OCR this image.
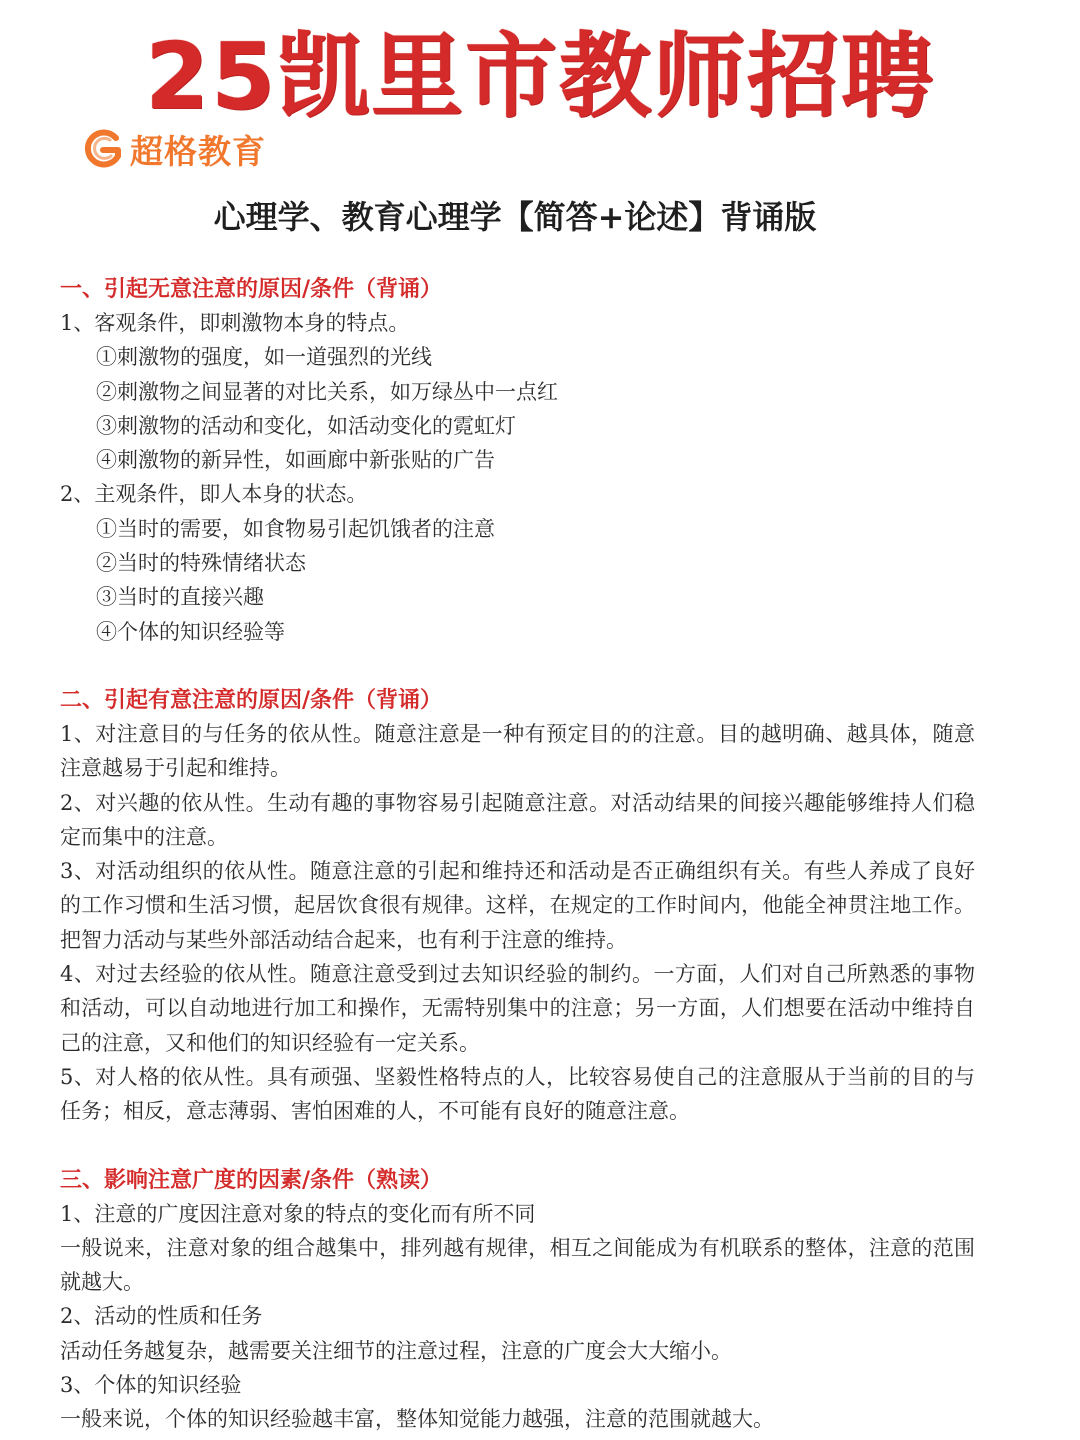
25凯里市教师招聘
超格教育
心理学、教育心理学【简答+论述】背诵版

一、引起无意注意的原因/条件（背诵）

1、客观条件，即刺激物本身的特点。

①刺激物的强度，如一道强烈的光线

②刺激物之间显著的对比关系，如万绿丛中一点红

③刺激物的活动和变化，如活动变化的霓虹灯

④刺激物的新异性，如画廊中新张贴的广告

2、主观条件，即人本身的状态。

①当时的需要，如食物易引起饥饿者的注意

②当时的特殊情绪状态

③当时的直接兴趣

④个体的知识经验等

二、引起有意注意的原因/条件（背诵）

1、对注意目的与任务的依从性。随意注意是一种有预定目的的注意。目的越明确、越具体，随意注意越易于引起和维持。

2、对兴趣的依从性。生动有趣的事物容易引起随意注意。对活动结果的间接兴趣能够维持人们稳定而集中的注意。

3、对活动组织的依从性。随意注意的引起和维持还和活动是否正确组织有关。有些人养成了良好的工作习惯和生活习惯，起居饮食很有规律。这样，在规定的工作时间内，他能全神贯注地工作。把智力活动与某些外部活动结合起来，也有利于注意的维持。

4、对过去经验的依从性。随意注意受到过去知识经验的制约。一方面，人们对自己所熟悉的事物和活动，可以自动地进行加工和操作，无需特别集中的注意；另一方面，人们想要在活动中维持自己的注意，又和他们的知识经验有一定关系。

5、对人格的依从性。具有顽强、坚毅性格特点的人，比较容易使自己的注意服从于当前的目的与任务；相反，意志薄弱、害怕困难的人，不可能有良好的随意注意。

三、影响注意广度的因素/条件（熟读）

1、注意的广度因注意对象的特点的变化而有所不同

一般说来，注意对象的组合越集中，排列越有规律，相互之间能成为有机联系的整体，注意的范围就越大。

2、活动的性质和任务

活动任务越复杂，越需要关注细节的注意过程，注意的广度会大大缩小。

3、个体的知识经验

一般来说，个体的知识经验越丰富，整体知觉能力越强，注意的范围就越大。
